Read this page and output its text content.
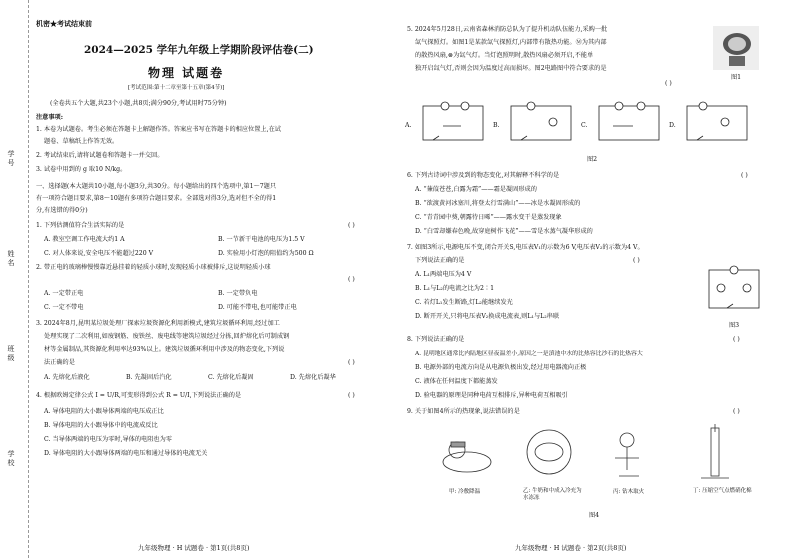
学号
姓名
班级
学校
机密★考试结束前
2024—2025 学年九年级上学期阶段评估卷(二)
物理 试题卷
[考试范围:第十二章至第十五章(第4节)]
(全卷共五个大题,共23个小题,共8页;满分90分,考试用时75分钟)
注意事项:
1. 本卷为试题卷。考生必须在答题卡上解题作答。答案应书写在答题卡的相应位置上,在试
题卷、草稿纸上作答无效。
2. 考试结束后,请将试题卷和答题卡一并交回。
3. 试卷中用到的 g 取10 N/kg。
一、选择题(本大题共10小题,每小题3分,共30分。每小题给出的四个选项中,第1～7题只
有一项符合题目要求,第8～10题有多项符合题目要求。全部选对得3分,选对但不全的得1
分,有选错的得0分)
1. 下列估测值符合生活实际的是	( )
A. 教室空调工作电流大约1 A	B. 一节新干电池的电压为1.5 V
C. 对人体来说,安全电压不能超过220 V	D. 实验用小灯泡的阻值约为500 Ω
2. 带正电的玻璃棒慢慢靠近悬挂着的轻质小球时,发现轻质小球被排斥,这说明轻质小球
( )
A. 一定带正电	B. 一定带负电
C. 一定不带电	D. 可能不带电,也可能带正电
3. 2024年8月,昆明某垃圾处理厂探索垃圾资源化利用新模式,建筑垃圾循环利用,经过加工
处理实现了二次利用,如废钢筋、废铁丝、废电线等建筑垃圾经过分拣,回炉熔化后可制成钢
材等金属制品,其资源化利用率达93%以上。建筑垃圾循环利用中涉及的物态变化,下列说
法正确的是	( )
A. 先熔化后液化	B. 先凝固后汽化	C. 先熔化后凝固	D. 先熔化后凝华
4. 根据欧姆定律公式 I = U/R,可变形得到公式 R = U/I,下列说法正确的是	( )
A. 导体电阻的大小跟导体两端的电压成正比
B. 导体电阻的大小跟导体中的电流成反比
C. 当导体两端的电压为零时,导体的电阻也为零
D. 导体电阻的大小跟导体两端的电压和通过导体的电流无关
九年级物理 · H 试题卷 · 第1页(共8页)
5. 2024年5月28日,云南省森林消防总队为了提升机动队伍能力,采购一批
氙气探照灯。如图1是某款氙气探照灯,内部带有散热功能。Ⓜ为其内部
的散热风扇,⊗为氙气灯。当灯泡照明时,散热风扇必须开启,不能单
独开启氙气灯,否则会因为温度过高而损坏。图2电路图中符合要求的是
( )
图1
A.	B.	C.	D.
图2
6. 下列古诗词中涉及到的物态变化,对其解释不科学的是	( )
A. “蒹葭苍苍,白露为霜”——霜是凝固形成的
B. “欲渡黄河冰塞川,将登太行雪满山”——冰是水凝固形成的
C. “青青园中葵,朝露待日晞”——露水变干是蒸发现象
D. “白雪却嫌春色晚,故穿庭树作飞花”——雪是水蒸气凝华形成的
7. 如图3所示,电源电压不变,闭合开关S,电压表V₁的示数为6 V,电压表V₂的示数为4 V。
下列说法正确的是	( )
A. L₁两端电压为4 V
B. L₁与L₂的电流之比为2∶1
C. 若灯L₁发生断路,灯L₂能继续发光
D. 断开开关,只将电压表V₂换成电流表,则L₁与L₂串联
图3
8. 下列说法正确的是	( )
A. 昆明地区通常比内陆地区昼夜温差小,原因之一是滇池中水的比热容比沙石的比热容大
B. 电源外部的电流方向是从电源负极出发,经过用电器流向正极
C. 液体在任何温度下都能蒸发
D. 验电器的原理是同种电荷互相排斥,异种电荷互相吸引
9. 关于如图4所示的热现象,说法错误的是	( )
甲: 冷敷降温	乙: 牛奶和中成入冷充为水冻冻
丙: 钻木取火	丁: 压缩空气点燃硝化棉
图4
九年级物理 · H 试题卷 · 第2页(共8页)
